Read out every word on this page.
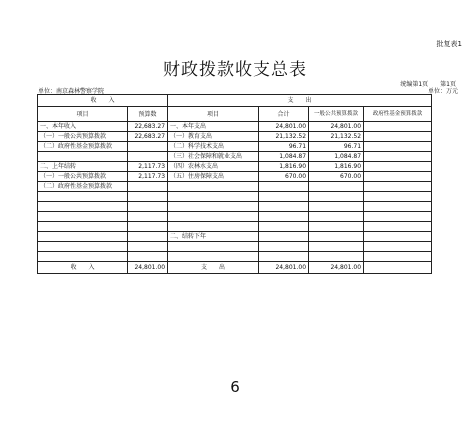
批复表1
财政拨款收支总表
统编第1页　　第1页
单位：南京森林警察学院	单位：万元
收　　入		支　　出			
项目	预算数	项目	合计	一般公共预算拨款	政府性基金预算拨款
一、本年收入	22,683.27	一、本年支出	24,801.00	24,801.00	
（一）一般公共预算拨款	22,683.27	（一）教育支出	21,132.52	21,132.52	
（二）政府性基金预算拨款		（二）科学技术支出	96.71	96.71	
		（三）社会保障和就业支出	1,084.87	1,084.87	
二、上年结转	2,117.73	（四）农林水支出	1,816.90	1,816.90	
（一）一般公共预算拨款	2,117.73	（五）住房保障支出	670.00	670.00	
（二）政府性基金预算拨款					

		二、结转下年			

收　　入	24,801.00	支　　出	24,801.00	24,801.00	
6
